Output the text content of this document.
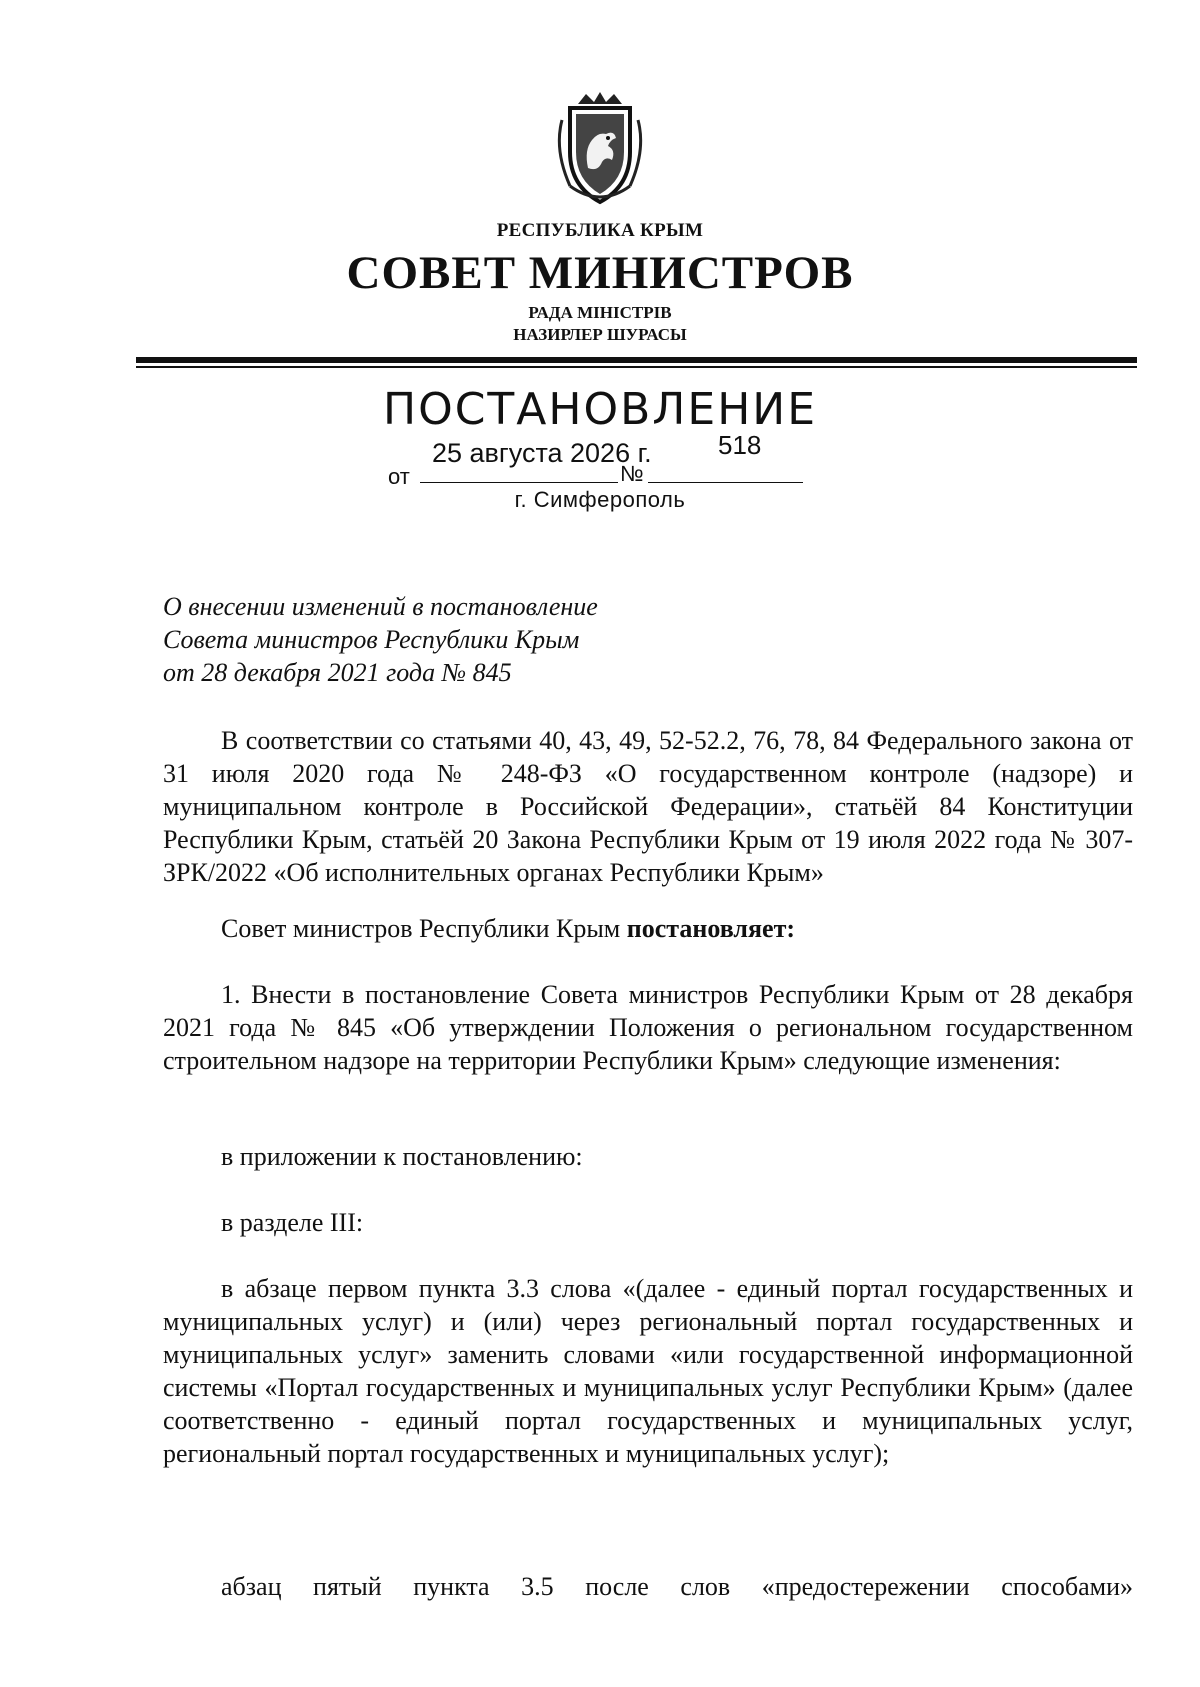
РЕСПУБЛИКА КРЫМ
СОВЕТ МИНИСТРОВ
РАДА МІНІСТРІВ
НАЗИРЛЕР ШУРАСЫ
ПОСТАНОВЛЕНИЕ
25 августа 2026 г.	518
от	№
г. Симферополь
О внесении изменений в постановление
Совета министров Республики Крым
от 28 декабря 2021 года № 845
В соответствии со статьями 40, 43, 49, 52-52.2, 76, 78, 84 Федерального закона от 31 июля 2020 года № 248-ФЗ «О государственном контроле (надзоре) и муниципальном контроле в Российской Федерации», статьёй 84 Конституции Республики Крым, статьёй 20 Закона Республики Крым от 19 июля 2022 года № 307-ЗРК/2022 «Об исполнительных органах Республики Крым»
Совет министров Республики Крым постановляет:
1. Внести в постановление Совета министров Республики Крым от 28 декабря 2021 года № 845 «Об утверждении Положения о региональном государственном строительном надзоре на территории Республики Крым» следующие изменения:
в приложении к постановлению:
в разделе III:
в абзаце первом пункта 3.3 слова «(далее - единый портал государственных и муниципальных услуг) и (или) через региональный портал государственных и муниципальных услуг» заменить словами «или государственной информационной системы «Портал государственных и муниципальных услуг Республики Крым» (далее соответственно - единый портал государственных и муниципальных услуг, региональный портал государственных и муниципальных услуг);
абзац пятый пункта 3.5 после слов «предостережении способами»
